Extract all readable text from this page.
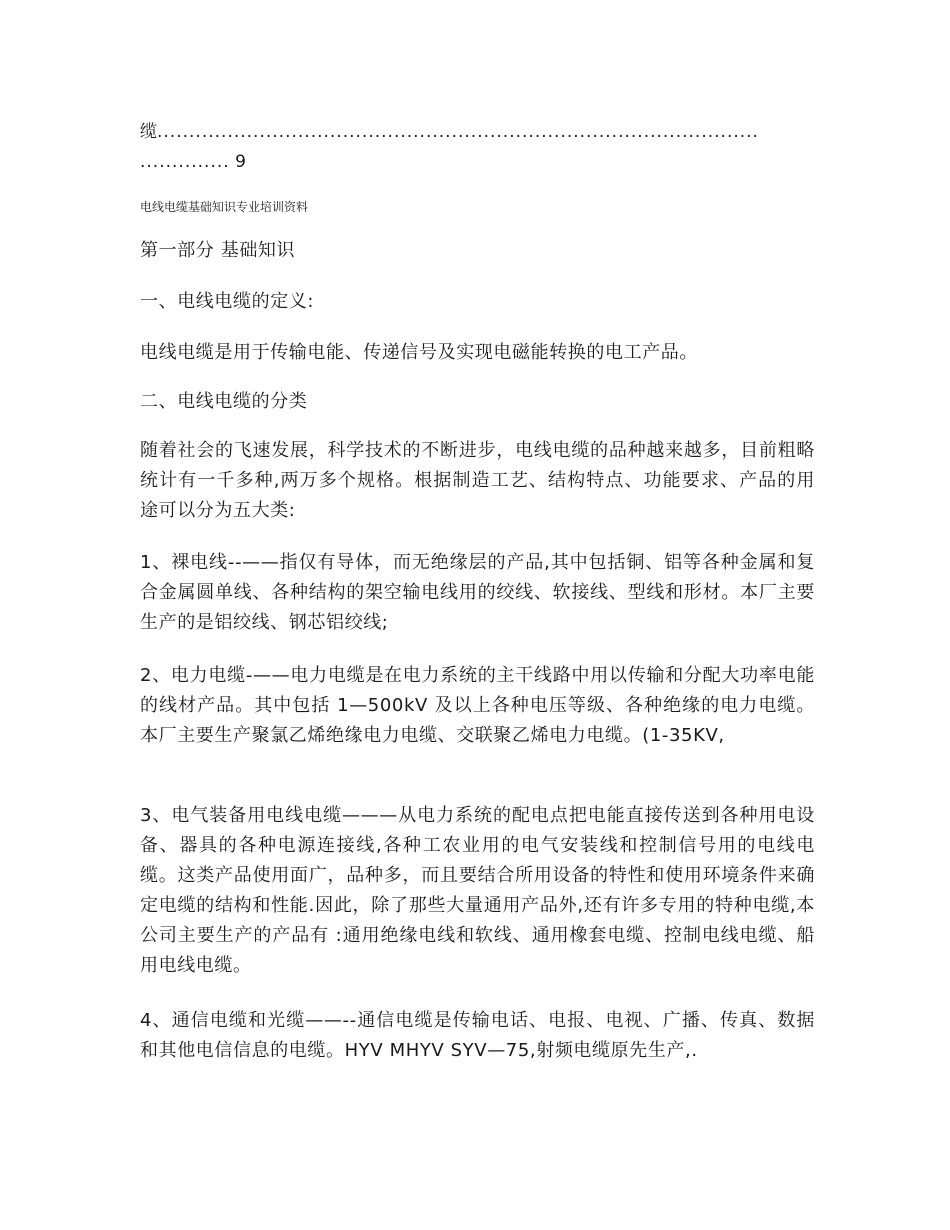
缆..............................................................................................
.............. 9
电线电缆基础知识专业培训资料
第一部分 基础知识
一、电线电缆的定义:
电线电缆是用于传输电能、传递信号及实现电磁能转换的电工产品。
二、电线电缆的分类
随着社会的飞速发展，科学技术的不断进步，电线电缆的品种越来越多，目前粗略统计有一千多种,两万多个规格。根据制造工艺、结构特点、功能要求、产品的用途可以分为五大类:
1、裸电线--——指仅有导体，而无绝缘层的产品,其中包括铜、铝等各种金属和复合金属圆单线、各种结构的架空输电线用的绞线、软接线、型线和形材。本厂主要生产的是铝绞线、钢芯铝绞线;
2、电力电缆-——电力电缆是在电力系统的主干线路中用以传输和分配大功率电能的线材产品。其中包括 1—500kV 及以上各种电压等级、各种绝缘的电力电缆。本厂主要生产聚氯乙烯绝缘电力电缆、交联聚乙烯电力电缆。(1-35KV,
3、电气装备用电线电缆———从电力系统的配电点把电能直接传送到各种用电设备、器具的各种电源连接线,各种工农业用的电气安装线和控制信号用的电线电缆。这类产品使用面广，品种多，而且要结合所用设备的特性和使用环境条件来确定电缆的结构和性能.因此，除了那些大量通用产品外,还有许多专用的特种电缆,本公司主要生产的产品有 :通用绝缘电线和软线、通用橡套电缆、控制电线电缆、船用电线电缆。
4、通信电缆和光缆——--通信电缆是传输电话、电报、电视、广播、传真、数据和其他电信信息的电缆。HYV MHYV SYV—75,射频电缆原先生产,.
